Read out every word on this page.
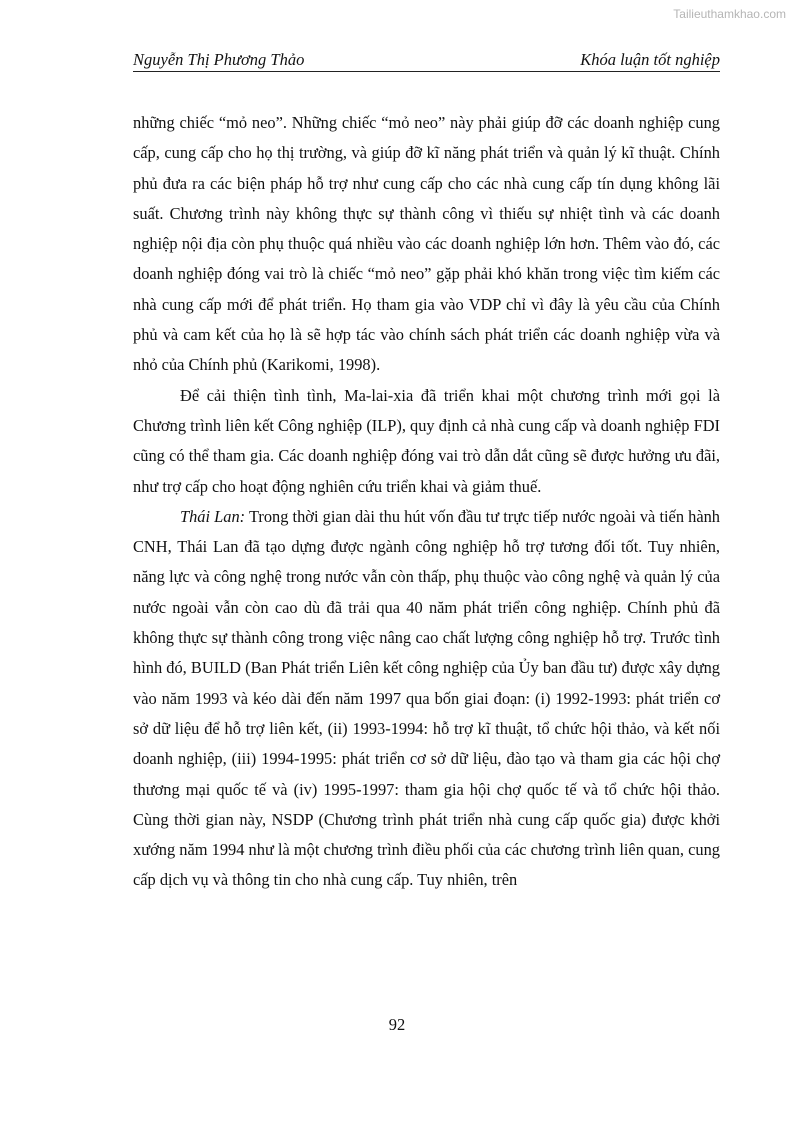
Tailieuthamkhao.com
Nguyễn Thị Phương Thảo	Khóa luận tốt nghiệp

những chiếc “mỏ neo”. Những chiếc “mỏ neo” này phải giúp đỡ các doanh nghiệp cung cấp, cung cấp cho họ thị trường, và giúp đỡ kĩ năng phát triển và quản lý kĩ thuật. Chính phủ đưa ra các biện pháp hỗ trợ như cung cấp cho các nhà cung cấp tín dụng không lãi suất. Chương trình này không thực sự thành công vì thiếu sự nhiệt tình và các doanh nghiệp nội địa còn phụ thuộc quá nhiều vào các doanh nghiệp lớn hơn. Thêm vào đó, các doanh nghiệp đóng vai trò là chiếc “mỏ neo” gặp phải khó khăn trong việc tìm kiếm các nhà cung cấp mới để phát triển. Họ tham gia vào VDP chỉ vì đây là yêu cầu của Chính phủ và cam kết của họ là sẽ hợp tác vào chính sách phát triển các doanh nghiệp vừa và nhỏ của Chính phủ (Karikomi, 1998).

Để cải thiện tình tình, Ma-lai-xia đã triển khai một chương trình mới gọi là Chương trình liên kết Công nghiệp (ILP), quy định cả nhà cung cấp và doanh nghiệp FDI cũng có thể tham gia. Các doanh nghiệp đóng vai trò dẫn dắt cũng sẽ được hưởng ưu đãi, như trợ cấp cho hoạt động nghiên cứu triển khai và giảm thuế.

Thái Lan: Trong thời gian dài thu hút vốn đầu tư trực tiếp nước ngoài và tiến hành CNH, Thái Lan đã tạo dựng được ngành công nghiệp hỗ trợ tương đối tốt. Tuy nhiên, năng lực và công nghệ trong nước vẫn còn thấp, phụ thuộc vào công nghệ và quản lý của nước ngoài vẫn còn cao dù đã trải qua 40 năm phát triển công nghiệp. Chính phủ đã không thực sự thành công trong việc nâng cao chất lượng công nghiệp hỗ trợ. Trước tình hình đó, BUILD (Ban Phát triển Liên kết công nghiệp của Ủy ban đầu tư) được xây dựng vào năm 1993 và kéo dài đến năm 1997 qua bốn giai đoạn: (i) 1992-1993: phát triển cơ sở dữ liệu để hỗ trợ liên kết, (ii) 1993-1994: hỗ trợ kĩ thuật, tổ chức hội thảo, và kết nối doanh nghiệp, (iii) 1994-1995: phát triển cơ sở dữ liệu, đào tạo và tham gia các hội chợ thương mại quốc tế và (iv) 1995-1997: tham gia hội chợ quốc tế và tổ chức hội thảo. Cùng thời gian này, NSDP (Chương trình phát triển nhà cung cấp quốc gia) được khởi xướng năm 1994 như là một chương trình điều phối của các chương trình liên quan, cung cấp dịch vụ và thông tin cho nhà cung cấp. Tuy nhiên, trên

92
